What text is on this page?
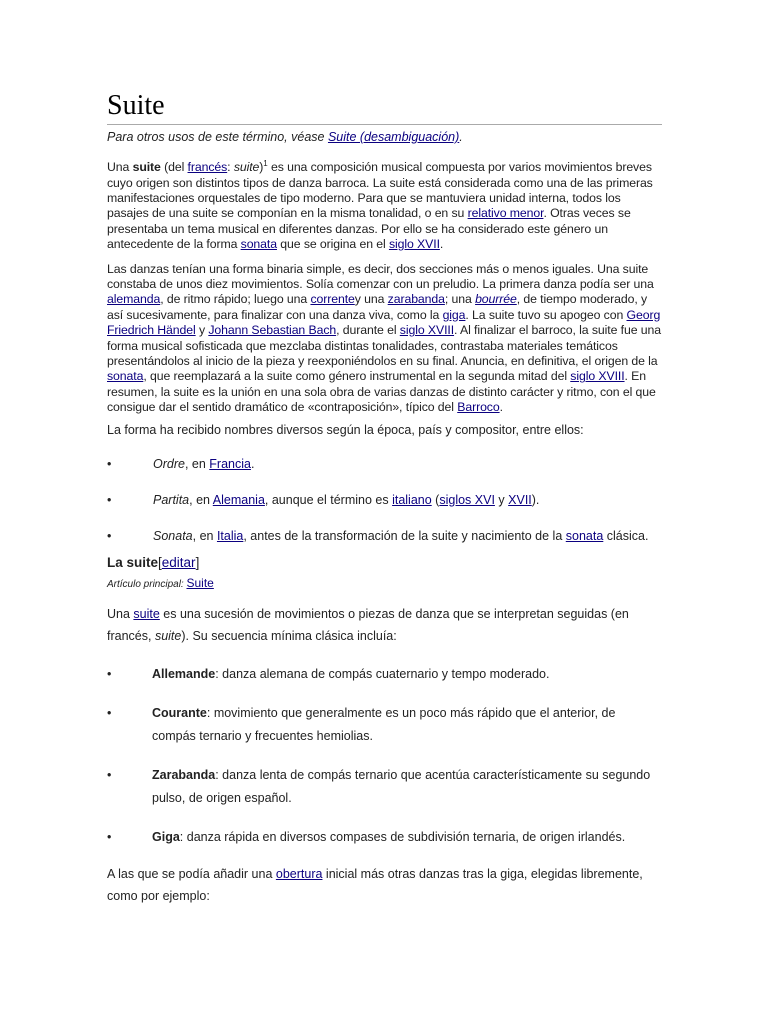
Suite

Para otros usos de este término, véase Suite (desambiguación).

Una suite (del francés: suite)$^1$ es una composición musical compuesta por varios movimientos breves cuyo origen son distintos tipos de danza barroca. La suite está considerada como una de las primeras manifestaciones orquestales de tipo moderno. Para que se mantuviera unidad interna, todos los pasajes de una suite se componían en la misma tonalidad, o en su relativo menor. Otras veces se presentaba un tema musical en diferentes danzas. Por ello se ha considerado este género un antecedente de la forma sonata que se origina en el siglo XVII.

Las danzas tenían una forma binaria simple, es decir, dos secciones más o menos iguales. Una suite constaba de unos diez movimientos. Solía comenzar con un preludio. La primera danza podía ser una alemanda, de ritmo rápido; luego una correntey una zarabanda; una bourrée, de tiempo moderado, y así sucesivamente, para finalizar con una danza viva, como la giga. La suite tuvo su apogeo con Georg Friedrich Händel y Johann Sebastian Bach, durante el siglo XVIII. Al finalizar el barroco, la suite fue una forma musical sofisticada que mezclaba distintas tonalidades, contrastaba materiales temáticos presentándolos al inicio de la pieza y reexponiéndolos en su final. Anuncia, en definitiva, el origen de la sonata, que reemplazará a la suite como género instrumental en la segunda mitad del siglo XVIII. En resumen, la suite es la unión en una sola obra de varias danzas de distinto carácter y ritmo, con el que consigue dar el sentido dramático de «contraposición», típico del Barroco.

La forma ha recibido nombres diversos según la época, país y compositor, entre ellos:

•	Ordre, en Francia.
•	Partita, en Alemania, aunque el término es italiano (siglos XVI y XVII).
•	Sonata, en Italia, antes de la transformación de la suite y nacimiento de la sonata clásica.

La suite[editar]

Artículo principal: Suite

Una suite es una sucesión de movimientos o piezas de danza que se interpretan seguidas (en francés, suite). Su secuencia mínima clásica incluía:

•	Allemande: danza alemana de compás cuaternario y tempo moderado.
•	Courante: movimiento que generalmente es un poco más rápido que el anterior, de compás ternario y frecuentes hemiolias.
•	Zarabanda: danza lenta de compás ternario que acentúa característicamente su segundo pulso, de origen español.
•	Giga: danza rápida en diversos compases de subdivisión ternaria, de origen irlandés.

A las que se podía añadir una obertura inicial más otras danzas tras la giga, elegidas libremente, como por ejemplo:
